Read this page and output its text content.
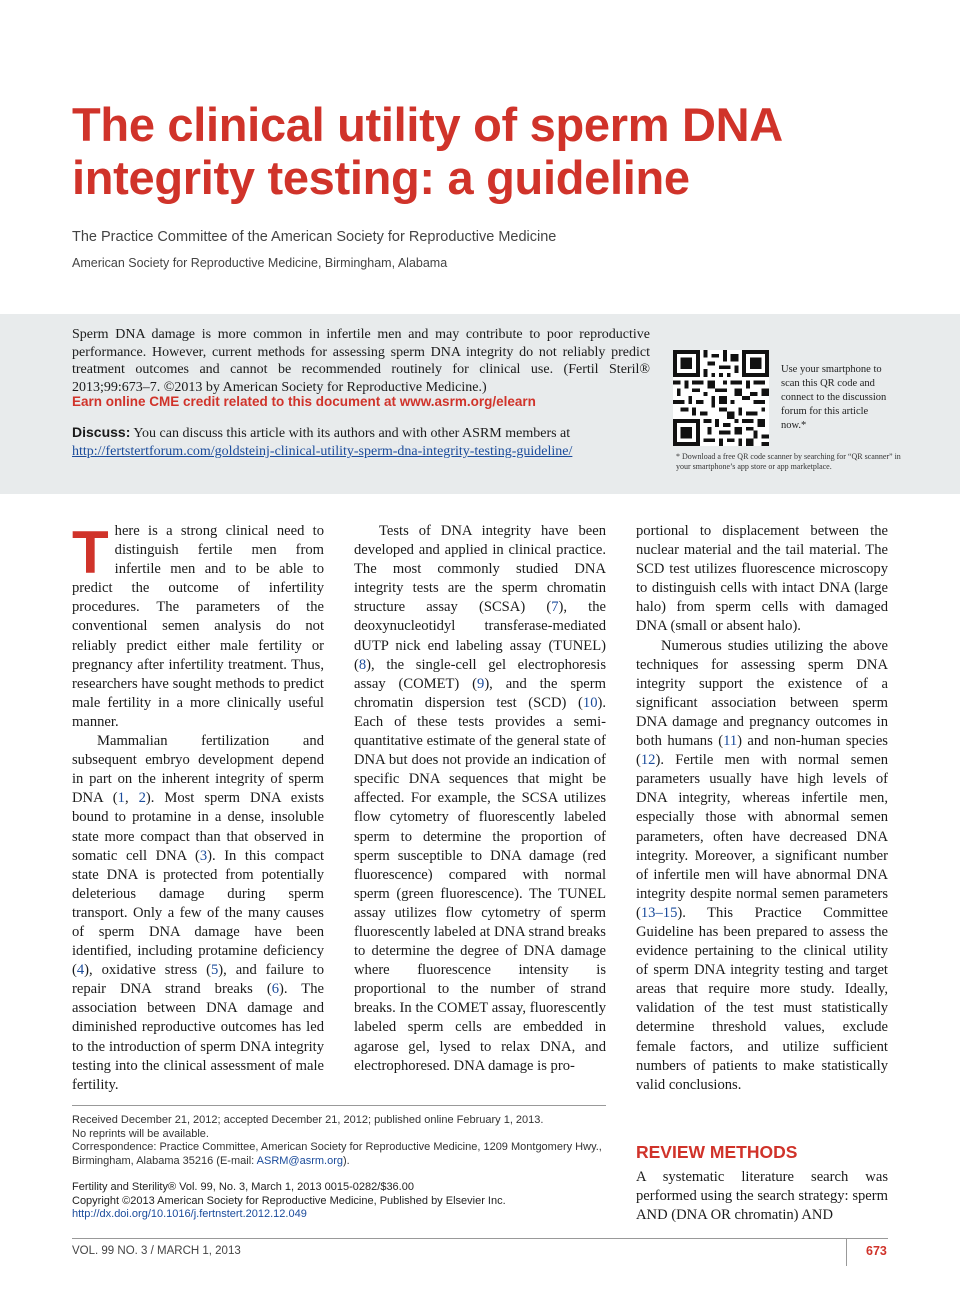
The clinical utility of sperm DNA
integrity testing: a guideline
The Practice Committee of the American Society for Reproductive Medicine
American Society for Reproductive Medicine, Birmingham, Alabama

Sperm DNA damage is more common in infertile men and may contribute to poor reproductive performance. However, current methods for assessing sperm DNA integrity do not reliably predict treatment outcomes and cannot be recommended routinely for clinical use. (Fertil Steril® 2013;99:673–7. ©2013 by American Society for Reproductive Medicine.)

Earn online CME credit related to this document at www.asrm.org/elearn

Discuss: You can discuss this article with its authors and with other ASRM members at http://fertstertforum.com/goldsteinj-clinical-utility-sperm-dna-integrity-testing-guideline/

Use your smartphone to scan this QR code and connect to the discussion forum for this article now.*

* Download a free QR code scanner by searching for “QR scanner” in your smartphone’s app store or app marketplace.

There is a strong clinical need to distinguish fertile men from infertile men and to be able to predict the outcome of infertility procedures. The parameters of the conventional semen analysis do not reliably predict either male fertility or pregnancy after infertility treatment. Thus, researchers have sought methods to predict male fertility in a more clinically useful manner.

Mammalian fertilization and subsequent embryo development depend in part on the inherent integrity of sperm DNA (1, 2). Most sperm DNA exists bound to protamine in a dense, insoluble state more compact than that observed in somatic cell DNA (3). In this compact state DNA is protected from potentially deleterious damage during sperm transport. Only a few of the many causes of sperm DNA damage have been identified, including protamine deficiency (4), oxidative stress (5), and failure to repair DNA strand breaks (6). The association between DNA damage and diminished reproductive outcomes has led to the introduction of sperm DNA integrity testing into the clinical assessment of male fertility.

Tests of DNA integrity have been developed and applied in clinical practice. The most commonly studied DNA integrity tests are the sperm chromatin structure assay (SCSA) (7), the deoxynucleotidyl transferase-mediated dUTP nick end labeling assay (TUNEL) (8), the single-cell gel electrophoresis assay (COMET) (9), and the sperm chromatin dispersion test (SCD) (10). Each of these tests provides a semi-quantitative estimate of the general state of DNA but does not provide an indication of specific DNA sequences that might be affected. For example, the SCSA utilizes flow cytometry of fluorescently labeled sperm to determine the proportion of sperm susceptible to DNA damage (red fluorescence) compared with normal sperm (green fluorescence). The TUNEL assay utilizes flow cytometry of sperm fluorescently labeled at DNA strand breaks to determine the degree of DNA damage where fluorescence intensity is proportional to the number of strand breaks. In the COMET assay, fluorescently labeled sperm cells are embedded in agarose gel, lysed to relax DNA, and electrophoresed. DNA damage is pro-

portional to displacement between the nuclear material and the tail material. The SCD test utilizes fluorescence microscopy to distinguish cells with intact DNA (large halo) from sperm cells with damaged DNA (small or absent halo).

Numerous studies utilizing the above techniques for assessing sperm DNA integrity support the existence of a significant association between sperm DNA damage and pregnancy outcomes in both humans (11) and non-human species (12). Fertile men with normal semen parameters usually have high levels of DNA integrity, whereas infertile men, especially those with abnormal semen parameters, often have decreased DNA integrity. Moreover, a significant number of infertile men will have abnormal DNA integrity despite normal semen parameters (13–15). This Practice Committee Guideline has been prepared to assess the evidence pertaining to the clinical utility of sperm DNA integrity testing and target areas that require more study. Ideally, validation of the test must statistically determine threshold values, exclude female factors, and utilize sufficient numbers of patients to make statistically valid conclusions.

REVIEW METHODS

A systematic literature search was performed using the search strategy: sperm AND (DNA OR chromatin) AND

Received December 21, 2012; accepted December 21, 2012; published online February 1, 2013.
No reprints will be available.
Correspondence: Practice Committee, American Society for Reproductive Medicine, 1209 Montgomery Hwy., Birmingham, Alabama 35216 (E-mail: ASRM@asrm.org).
Fertility and Sterility® Vol. 99, No. 3, March 1, 2013 0015-0282/$36.00
Copyright ©2013 American Society for Reproductive Medicine, Published by Elsevier Inc.
http://dx.doi.org/10.1016/j.fertnstert.2012.12.049
VOL. 99 NO. 3 / MARCH 1, 2013	673
